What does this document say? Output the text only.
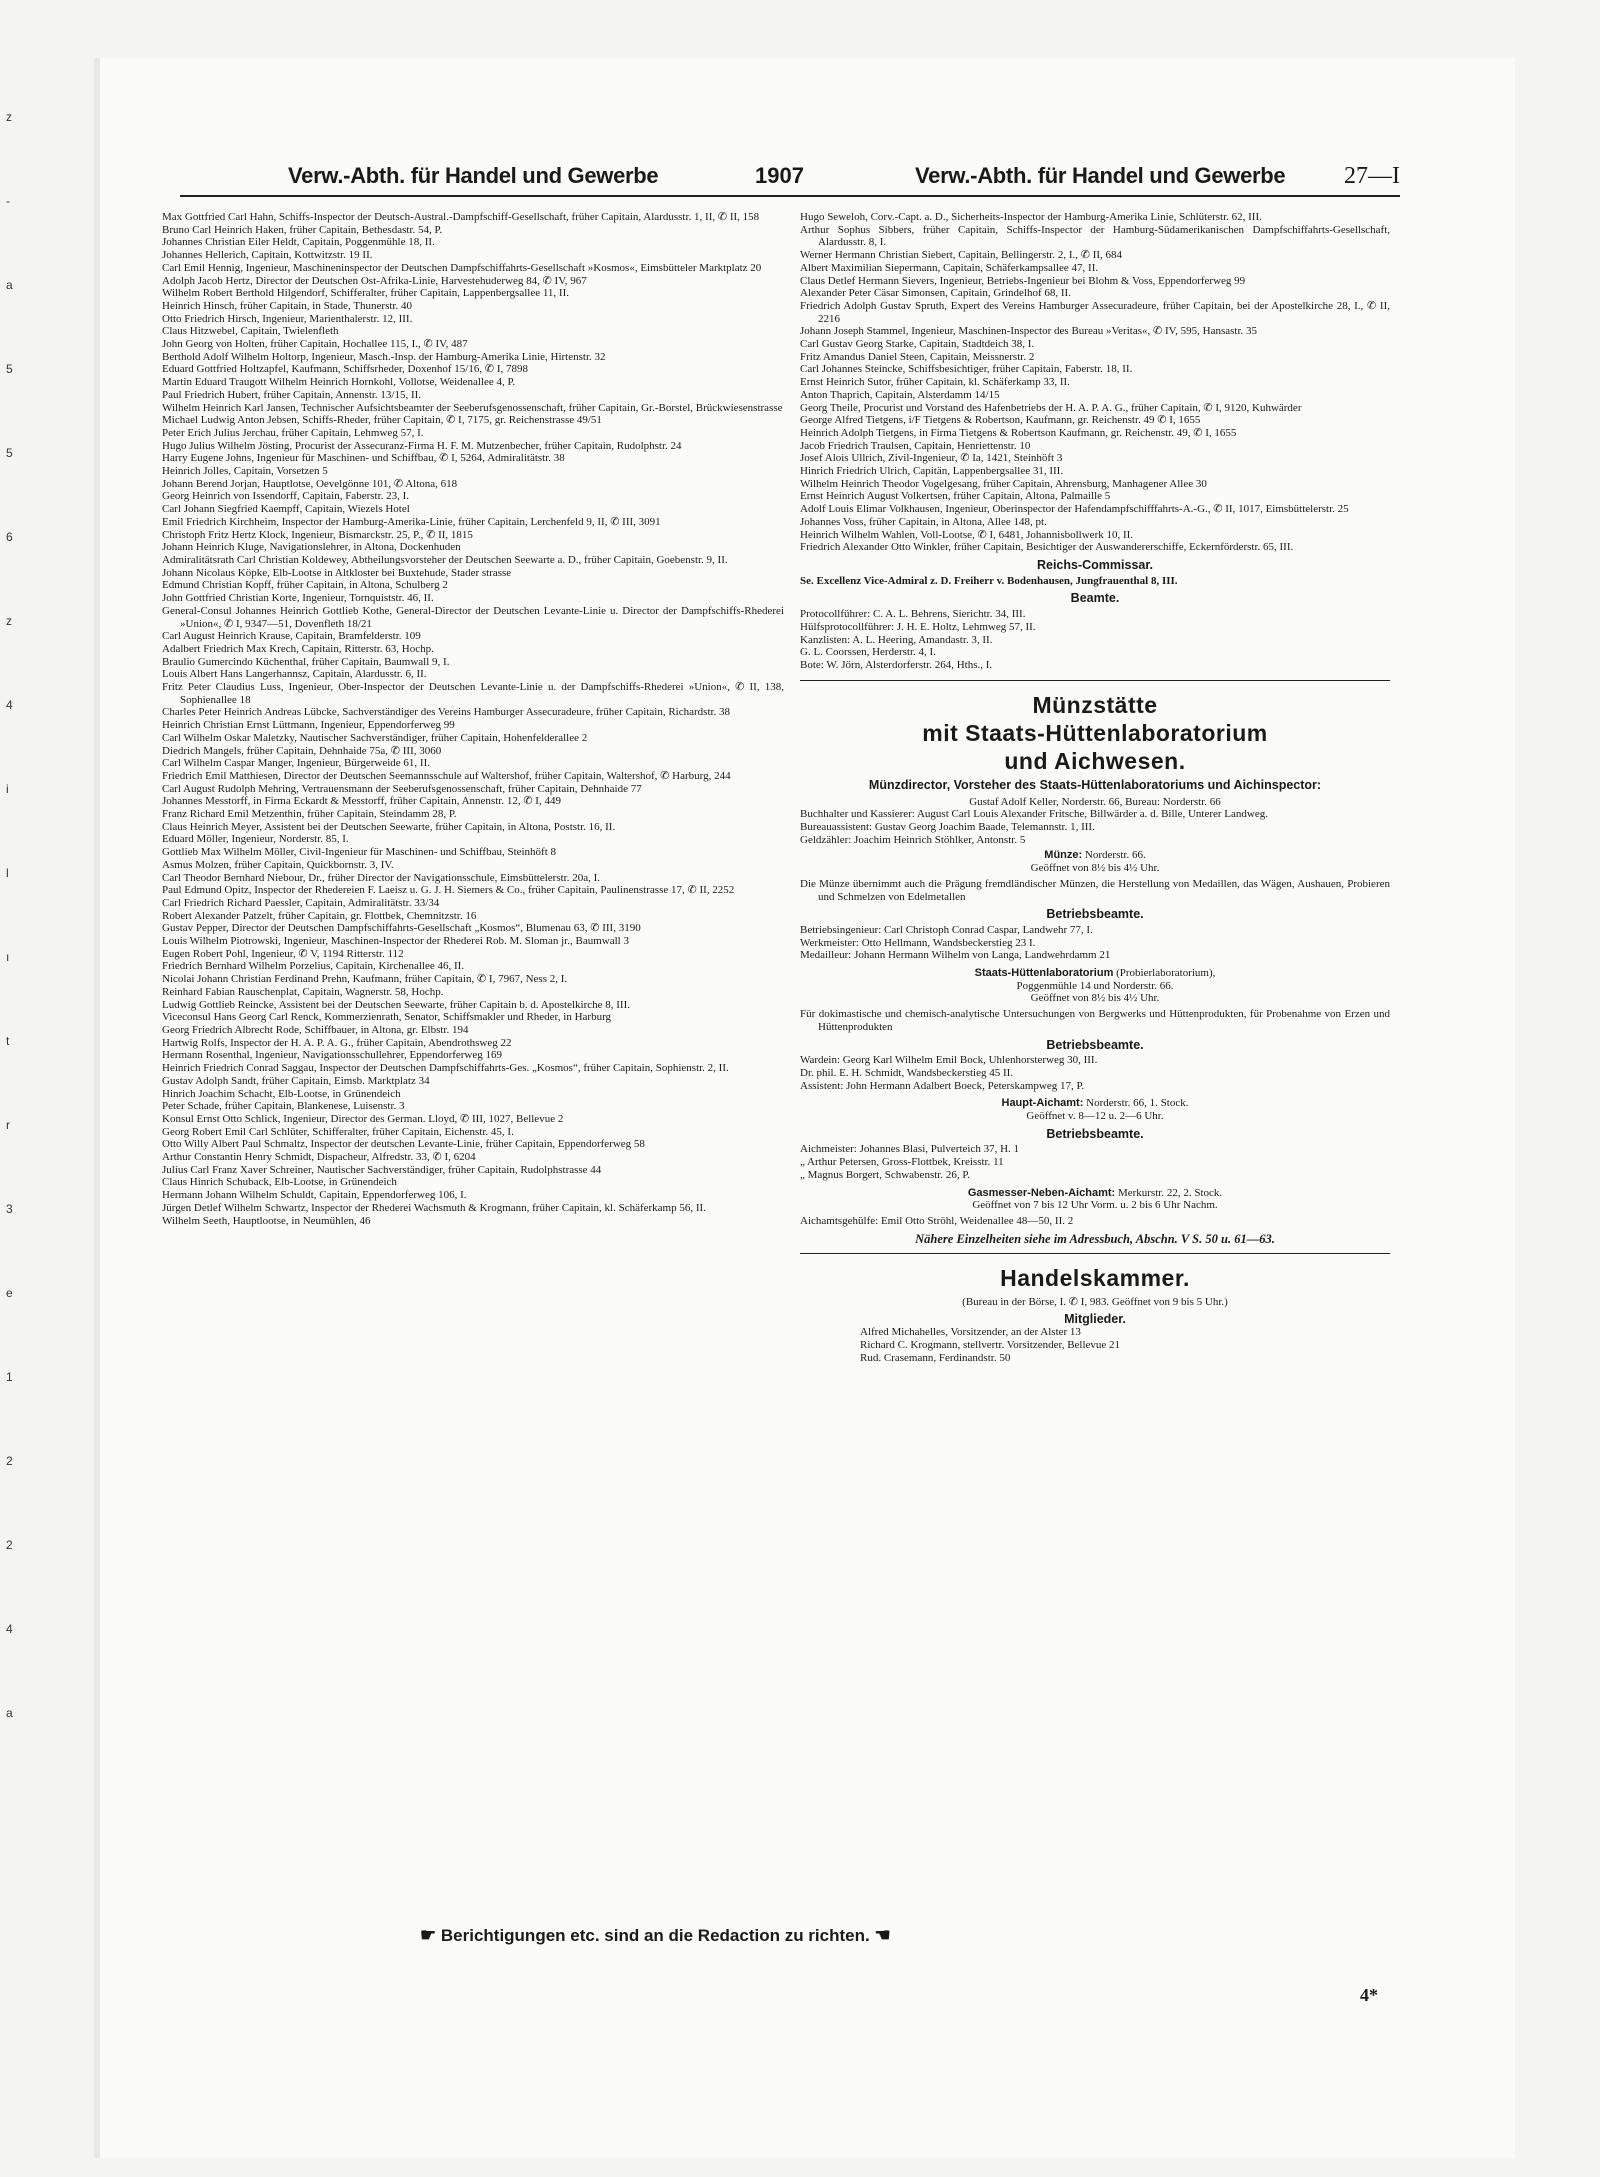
z
-
a
5
5
6
z
4
i
l
ı
t
r
3
e
1
2
2
4
a
Verw.-Abth. für Handel und Gewerbe	1907	Verw.-Abth. für Handel und Gewerbe 27—I
Max Gottfried Carl Hahn, Schiffs-Inspector der Deutsch-Austral.-Dampfschiff-Gesellschaft, früher Capitain, Alardusstr. 1, II, ✆ II, 158
Bruno Carl Heinrich Haken, früher Capitain, Bethesdastr. 54, P.
Johannes Christian Eiler Heldt, Capitain, Poggenmühle 18, II.
Johannes Hellerich, Capitain, Kottwitzstr. 19 II.
Carl Emil Hennig, Ingenieur, Maschineninspector der Deutschen Dampfschiffahrts-Gesellschaft »Kosmos«, Eimsbütteler Marktplatz 20
Adolph Jacob Hertz, Director der Deutschen Ost-Afrika-Linie, Harvestehuderweg 84, ✆ IV, 967
Wilhelm Robert Berthold Hilgendorf, Schifferalter, früher Capitain, Lappenbergsallee 11, II.
Heinrich Hinsch, früher Capitain, in Stade, Thunerstr. 40
Otto Friedrich Hirsch, Ingenieur, Marienthalerstr. 12, III.
Claus Hitzwebel, Capitain, Twielenfleth
John Georg von Holten, früher Capitain, Hochallee 115, I., ✆ IV, 487
Berthold Adolf Wilhelm Holtorp, Ingenieur, Masch.-Insp. der Hamburg-Amerika Linie, Hirtenstr. 32
Eduard Gottfried Holtzapfel, Kaufmann, Schiffsrheder, Doxenhof 15/16, ✆ I, 7898
Martin Eduard Traugott Wilhelm Heinrich Hornkohl, Vollotse, Weidenallee 4, P.
Paul Friedrich Hubert, früher Capitain, Annenstr. 13/15, II.
Wilhelm Heinrich Karl Jansen, Technischer Aufsichtsbeamter der Seeberufsgenossenschaft, früher Capitain, Gr.-Borstel, Brückwiesenstrasse
Michael Ludwig Anton Jebsen, Schiffs-Rheder, früher Capitain, ✆ I, 7175, gr. Reichenstrasse 49/51
Peter Erich Julius Jerchau, früher Capitain, Lehmweg 57, I.
Hugo Julius Wilhelm Jösting, Procurist der Assecuranz-Firma H. F. M. Mutzenbecher, früher Capitain, Rudolphstr. 24
Harry Eugene Johns, Ingenieur für Maschinen- und Schiffbau, ✆ I, 5264, Admiralitätstr. 38
Heinrich Jolles, Capitain, Vorsetzen 5
Johann Berend Jorjan, Hauptlotse, Oevelgönne 101, ✆ Altona, 618
Georg Heinrich von Issendorff, Capitain, Faberstr. 23, I.
Carl Johann Siegfried Kaempff, Capitain, Wiezels Hotel
Emil Friedrich Kirchheim, Inspector der Hamburg-Amerika-Linie, früher Capitain, Lerchenfeld 9, II, ✆ III, 3091
Christoph Fritz Hertz Klock, Ingenieur, Bismarckstr. 25, P., ✆ II, 1815
Johann Heinrich Kluge, Navigationslehrer, in Altona, Dockenhuden
Admiralitätsrath Carl Christian Koldewey, Abtheilungsvorsteher der Deutschen Seewarte a. D., früher Capitain, Goebenstr. 9, II.
Johann Nicolaus Köpke, Elb-Lootse in Altkloster bei Buxtehude, Stader strasse
Edmund Christian Kopff, früher Capitain, in Altona, Schulberg 2
John Gottfried Christian Korte, Ingenieur, Tornquiststr. 46, II.
General-Consul Johannes Heinrich Gottlieb Kothe, General-Director der Deutschen Levante-Linie u. Director der Dampfschiffs-Rhederei »Union«, ✆ I, 9347—51, Dovenfleth 18/21
Carl August Heinrich Krause, Capitain, Bramfelderstr. 109
Adalbert Friedrich Max Krech, Capitain, Ritterstr. 63, Hochp.
Braulio Gumercindo Küchenthal, früher Capitain, Baumwall 9, I.
Louis Albert Hans Langerhannsz, Capitain, Alardusstr. 6, II.
Fritz Peter Claudius Luss, Ingenieur, Ober-Inspector der Deutschen Levante-Linie u. der Dampfschiffs-Rhederei »Union«, ✆ II, 138, Sophienallee 18
Charles Peter Heinrich Andreas Lübcke, Sachverständiger des Vereins Hamburger Assecuradeure, früher Capitain, Richardstr. 38
Heinrich Christian Ernst Lüttmann, Ingenieur, Eppendorferweg 99
Carl Wilhelm Oskar Maletzky, Nautischer Sachverständiger, früher Capitain, Hohenfelderallee 2
Diedrich Mangels, früher Capitain, Dehnhaide 75a, ✆ III, 3060
Carl Wilhelm Caspar Manger, Ingenieur, Bürgerweide 61, II.
Friedrich Emil Matthiesen, Director der Deutschen Seemannsschule auf Waltershof, früher Capitain, Waltershof, ✆ Harburg, 244
Carl August Rudolph Mehring, Vertrauensmann der Seeberufsgenossenschaft, früher Capitain, Dehnhaide 77
Johannes Messtorff, in Firma Eckardt & Messtorff, früher Capitain, Annenstr. 12, ✆ I, 449
Franz Richard Emil Metzenthin, früher Capitain, Steindamm 28, P.
Claus Heinrich Meyer, Assistent bei der Deutschen Seewarte, früher Capitain, in Altona, Poststr. 16, II.
Eduard Möller, Ingenieur, Norderstr. 85, I.
Gottlieb Max Wilhelm Möller, Civil-Ingenieur für Maschinen- und Schiffbau, Steinhöft 8
Asmus Molzen, früher Capitain, Quickbornstr. 3, IV.
Carl Theodor Bernhard Niebour, Dr., früher Director der Navigationsschule, Eimsbüttelerstr. 20a, I.
Paul Edmund Opitz, Inspector der Rhedereien F. Laeisz u. G. J. H. Siemers & Co., früher Capitain, Paulinenstrasse 17, ✆ II, 2252
Carl Friedrich Richard Paessler, Capitain, Admiralitätstr. 33/34
Robert Alexander Patzelt, früher Capitain, gr. Flottbek, Chemnitzstr. 16
Gustav Pepper, Director der Deutschen Dampfschiffahrts-Gesellschaft „Kosmos“, Blumenau 63, ✆ III, 3190
Louis Wilhelm Piotrowski, Ingenieur, Maschinen-Inspector der Rhederei Rob. M. Sloman jr., Baumwall 3
Eugen Robert Pohl, Ingenieur, ✆ V, 1194 Ritterstr. 112
Friedrich Bernhard Wilhelm Porzelius, Capitain, Kirchenallee 46, II.
Nicolai Johann Christian Ferdinand Prehn, Kaufmann, früher Capitain, ✆ I, 7967, Ness 2, I.
Reinhard Fabian Rauschenplat, Capitain, Wagnerstr. 58, Hochp.
Ludwig Gottlieb Reincke, Assistent bei der Deutschen Seewarte, früher Capitain b. d. Apostelkirche 8, III.
Viceconsul Hans Georg Carl Renck, Kommerzienrath, Senator, Schiffsmakler und Rheder, in Harburg
Georg Friedrich Albrecht Rode, Schiffbauer, in Altona, gr. Elbstr. 194
Hartwig Rolfs, Inspector der H. A. P. A. G., früher Capitain, Abendrothsweg 22
Hermann Rosenthal, Ingenieur, Navigationsschullehrer, Eppendorferweg 169
Heinrich Friedrich Conrad Saggau, Inspector der Deutschen Dampfschiffahrts-Ges. „Kosmos“, früher Capitain, Sophienstr. 2, II.
Gustav Adolph Sandt, früher Capitain, Eimsb. Marktplatz 34
Hinrich Joachim Schacht, Elb-Lootse, in Grünendeich
Peter Schade, früher Capitain, Blankenese, Luisenstr. 3
Konsul Ernst Otto Schlick, Ingenieur, Director des German. Lloyd, ✆ III, 1027, Bellevue 2
Georg Robert Emil Carl Schlüter, Schifferalter, früher Capitain, Eichenstr. 45, I.
Otto Willy Albert Paul Schmaltz, Inspector der deutschen Levante-Linie, früher Capitain, Eppendorferweg 58
Arthur Constantin Henry Schmidt, Dispacheur, Alfredstr. 33, ✆ I, 6204
Julius Carl Franz Xaver Schreiner, Nautischer Sachverständiger, früher Capitain, Rudolphstrasse 44
Claus Hinrich Schuback, Elb-Lootse, in Grünendeich
Hermann Johann Wilhelm Schuldt, Capitain, Eppendorferweg 106, I.
Jürgen Detlef Wilhelm Schwartz, Inspector der Rhederei Wachsmuth & Krogmann, früher Capitain, kl. Schäferkamp 56, II.
Wilhelm Seeth, Hauptlootse, in Neumühlen, 46
Hugo Seweloh, Corv.-Capt. a. D., Sicherheits-Inspector der Hamburg-Amerika Linie, Schlüterstr. 62, III.
Arthur Sophus Sibbers, früher Capitain, Schiffs-Inspector der Hamburg-Südamerikanischen Dampfschiffahrts-Gesellschaft, Alardusstr. 8, I.
Werner Hermann Christian Siebert, Capitain, Bellingerstr. 2, I., ✆ II, 684
Albert Maximilian Siepermann, Capitain, Schäferkampsallee 47, II.
Claus Detlef Hermann Sievers, Ingenieur, Betriebs-Ingenieur bei Blohm & Voss, Eppendorferweg 99
Alexander Peter Cäsar Simonsen, Capitain, Grindelhof 68, II.
Friedrich Adolph Gustav Spruth, Expert des Vereins Hamburger Assecuradeure, früher Capitain, bei der Apostelkirche 28, I., ✆ II, 2216
Johann Joseph Stammel, Ingenieur, Maschinen-Inspector des Bureau »Veritas«, ✆ IV, 595, Hansastr. 35
Carl Gustav Georg Starke, Capitain, Stadtdeich 38, I.
Fritz Amandus Daniel Steen, Capitain, Meissnerstr. 2
Carl Johannes Steincke, Schiffsbesichtiger, früher Capitain, Faberstr. 18, II.
Ernst Heinrich Sutor, früher Capitain, kl. Schäferkamp 33, II.
Anton Thaprich, Capitain, Alsterdamm 14/15
Georg Theile, Procurist und Vorstand des Hafenbetriebs der H. A. P. A. G., früher Capitain, ✆ I, 9120, Kuhwärder
George Alfred Tietgens, i/F Tietgens & Robertson, Kaufmann, gr. Reichenstr. 49 ✆ I, 1655
Heinrich Adolph Tietgens, in Firma Tietgens & Robertson Kaufmann, gr. Reichenstr. 49, ✆ I, 1655
Jacob Friedrich Traulsen, Capitain, Henriettenstr. 10
Josef Alois Ullrich, Zivil-Ingenieur, ✆ Ia, 1421, Steinhöft 3
Hinrich Friedrich Ulrich, Capitän, Lappenbergsallee 31, III.
Wilhelm Heinrich Theodor Vogelgesang, früher Capitain, Ahrensburg, Manhagener Allee 30
Ernst Heinrich August Volkertsen, früher Capitain, Altona, Palmaille 5
Adolf Louis Elimar Volkhausen, Ingenieur, Oberinspector der Hafendampfschifffahrts-A.-G., ✆ II, 1017, Eimsbüttelerstr. 25
Johannes Voss, früher Capitain, in Altona, Allee 148, pt.
Heinrich Wilhelm Wahlen, Voll-Lootse, ✆ I, 6481, Johannisbollwerk 10, II.
Friedrich Alexander Otto Winkler, früher Capitain, Besichtiger der Auswandererschiffe, Eckernförderstr. 65, III.
Reichs-Commissar.
Se. Excellenz Vice-Admiral z. D. Freiherr v. Bodenhausen, Jungfrauenthal 8, III.
Beamte.
Protocollführer: C. A. L. Behrens, Sierichtr. 34, III.
Hülfsprotocollführer: J. H. E. Holtz, Lehmweg 57, II.
Kanzlisten: A. L. Heering, Amandastr. 3, II.
G. L. Coorssen, Herderstr. 4, I.
Bote: W. Jörn, Alsterdorferstr. 264, Hths., I.
Münzstätte
mit Staats-Hüttenlaboratorium
und Aichwesen.
Münzdirector, Vorsteher des Staats-Hüttenlaboratoriums und Aichinspector:
Gustaf Adolf Keller, Norderstr. 66, Bureau: Norderstr. 66
Buchhalter und Kassierer: August Carl Louis Alexander Fritsche, Billwärder a. d. Bille, Unterer Landweg.
Bureauassistent: Gustav Georg Joachim Baade, Telemannstr. 1, III.
Geldzähler: Joachim Heinrich Stöhlker, Antonstr. 5
Münze: Norderstr. 66.
Geöffnet von 8½ bis 4½ Uhr.
Die Münze übernimmt auch die Prägung fremdländischer Münzen, die Herstellung von Medaillen, das Wägen, Aushauen, Probieren und Schmelzen von Edelmetallen
Betriebsbeamte.
Betriebsingenieur: Carl Christoph Conrad Caspar, Landwehr 77, I.
Werkmeister: Otto Hellmann, Wandsbeckerstieg 23 I.
Medailleur: Johann Hermann Wilhelm von Langa, Landwehrdamm 21
Staats-Hüttenlaboratorium (Probierlaboratorium),
Poggenmühle 14 und Norderstr. 66.
Geöffnet von 8½ bis 4½ Uhr.
Für dokimastische und chemisch-analytische Untersuchungen von Bergwerks und Hüttenprodukten, für Probenahme von Erzen und Hüttenprodukten
Betriebsbeamte.
Wardein: Georg Karl Wilhelm Emil Bock, Uhlenhorsterweg 30, III.
Dr. phil. E. H. Schmidt, Wandsbeckerstieg 45 II.
Assistent: John Hermann Adalbert Boeck, Peterskampweg 17, P.
Haupt-Aichamt: Norderstr. 66, 1. Stock.
Geöffnet v. 8—12 u. 2—6 Uhr.
Betriebsbeamte.
Aichmeister: Johannes Blasi, Pulverteich 37, H. 1
„ Arthur Petersen, Gross-Flottbek, Kreisstr. 11
„ Magnus Borgert, Schwabenstr. 26, P.
Gasmesser-Neben-Aichamt: Merkurstr. 22, 2. Stock.
Geöffnet von 7 bis 12 Uhr Vorm. u. 2 bis 6 Uhr Nachm.
Aichamtsgehülfe: Emil Otto Ströhl, Weidenallee 48—50, II. 2
Nähere Einzelheiten siehe im Adressbuch, Abschn. V S. 50 u. 61—63.
Handelskammer.
(Bureau in der Börse, I. ✆ I, 983. Geöffnet von 9 bis 5 Uhr.)
Mitglieder.
Alfred Michahelles, Vorsitzender, an der Alster 13
Richard C. Krogmann, stellvertr. Vorsitzender, Bellevue 21
Rud. Crasemann, Ferdinandstr. 50
☛ Berichtigungen etc. sind an die Redaction zu richten. ☚
4*
